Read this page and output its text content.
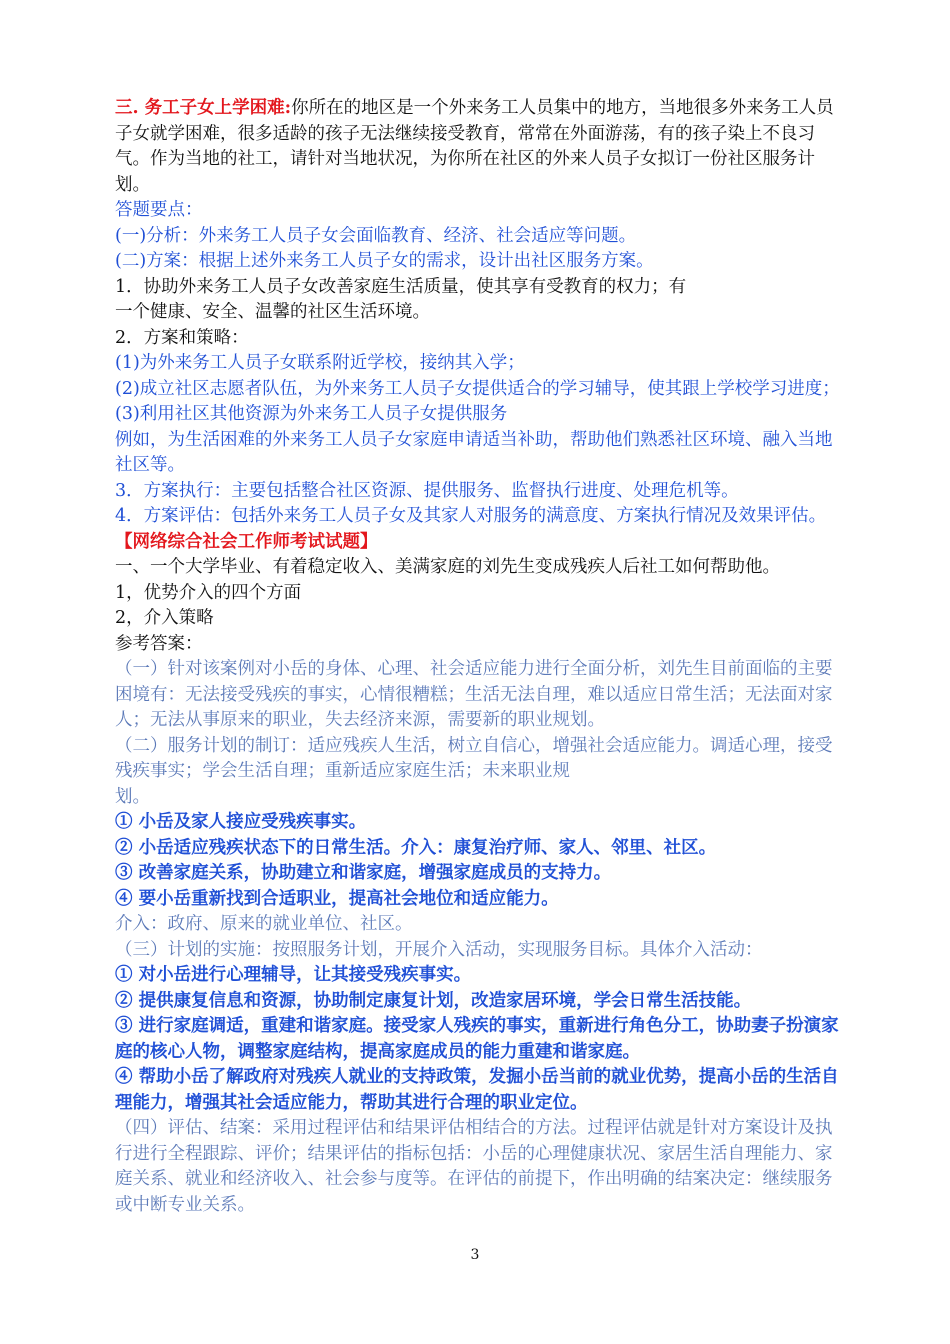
三. 务工子女上学困难:你所在的地区是一个外来务工人员集中的地方，当地很多外来务工人员子女就学困难，很多适龄的孩子无法继续接受教育，常常在外面游荡，有的孩子染上不良习气。作为当地的社工，请针对当地状况，为你所在社区的外来人员子女拟订一份社区服务计划。

答题要点：

(一)分析：外来务工人员子女会面临教育、经济、社会适应等问题。

(二)方案：根据上述外来务工人员子女的需求，设计出社区服务方案。

1．协助外来务工人员子女改善家庭生活质量，使其享有受教育的权力；有

一个健康、安全、温馨的社区生活环境。

2．方案和策略：

(1)为外来务工人员子女联系附近学校，接纳其入学；

(2)成立社区志愿者队伍，为外来务工人员子女提供适合的学习辅导，使其跟上学校学习进度；

(3)利用社区其他资源为外来务工人员子女提供服务

例如，为生活困难的外来务工人员子女家庭申请适当补助，帮助他们熟悉社区环境、融入当地社区等。

3．方案执行：主要包括整合社区资源、提供服务、监督执行进度、处理危机等。

4．方案评估：包括外来务工人员子女及其家人对服务的满意度、方案执行情况及效果评估。

【网络综合社会工作师考试试题】

一、一个大学毕业、有着稳定收入、美满家庭的刘先生变成残疾人后社工如何帮助他。

1，优势介入的四个方面

2，介入策略

参考答案：

（一）针对该案例对小岳的身体、心理、社会适应能力进行全面分析，刘先生目前面临的主要困境有：无法接受残疾的事实，心情很糟糕；生活无法自理，难以适应日常生活；无法面对家人；无法从事原来的职业，失去经济来源，需要新的职业规划。

（二）服务计划的制订：适应残疾人生活，树立自信心，增强社会适应能力。调适心理，接受残疾事实；学会生活自理；重新适应家庭生活；未来职业规

划。

① 小岳及家人接应受残疾事实。

② 小岳适应残疾状态下的日常生活。介入：康复治疗师、家人、邻里、社区。

③ 改善家庭关系，协助建立和谐家庭，增强家庭成员的支持力。

④ 要小岳重新找到合适职业，提高社会地位和适应能力。

介入：政府、原来的就业单位、社区。

（三）计划的实施：按照服务计划，开展介入活动，实现服务目标。具体介入活动：

① 对小岳进行心理辅导，让其接受残疾事实。

② 提供康复信息和资源，协助制定康复计划，改造家居环境，学会日常生活技能。

③ 进行家庭调适，重建和谐家庭。接受家人残疾的事实，重新进行角色分工，协助妻子扮演家庭的核心人物，调整家庭结构，提高家庭成员的能力重建和谐家庭。

④ 帮助小岳了解政府对残疾人就业的支持政策，发掘小岳当前的就业优势，提高小岳的生活自理能力，增强其社会适应能力，帮助其进行合理的职业定位。

（四）评估、结案：采用过程评估和结果评估相结合的方法。过程评估就是针对方案设计及执行进行全程跟踪、评价；结果评估的指标包括：小岳的心理健康状况、家居生活自理能力、家庭关系、就业和经济收入、社会参与度等。在评估的前提下，作出明确的结案决定：继续服务或中断专业关系。

3
